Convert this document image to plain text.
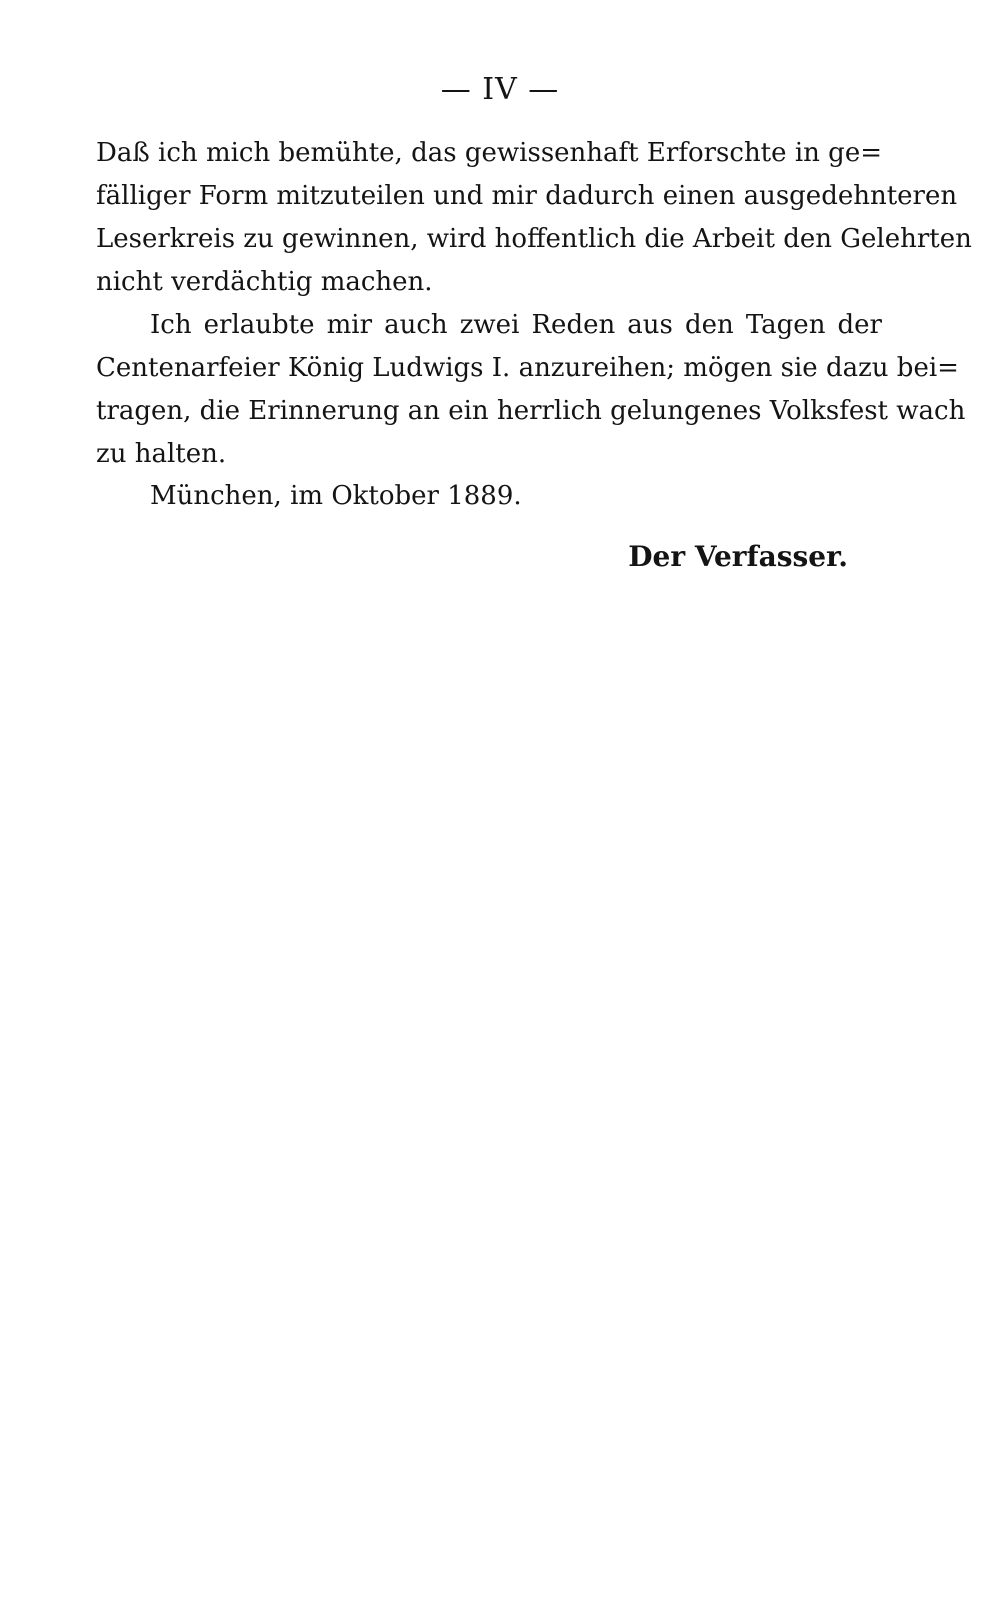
— IV —
Daß ich mich bemühte, das gewissenhaft Erforschte in ge=
fälliger Form mitzuteilen und mir dadurch einen ausgedehnteren
Leserkreis zu gewinnen, wird hoffentlich die Arbeit den Gelehrten
nicht verdächtig machen.
Ich erlaubte mir auch zwei Reden aus den Tagen der
Centenarfeier König Ludwigs I. anzureihen; mögen sie dazu bei=
tragen, die Erinnerung an ein herrlich gelungenes Volksfest wach
zu halten.
München, im Oktober 1889.
Der Verfasser.
